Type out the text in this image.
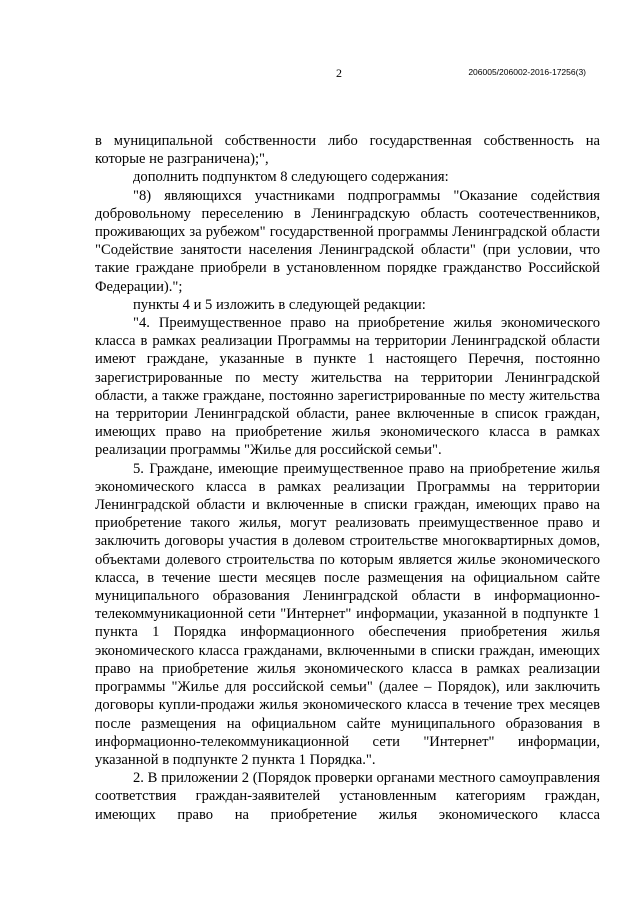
2	206005/206002-2016-17256(3)

в муниципальной собственности либо государственная собственность на которые не разграничена);",

дополнить подпунктом 8 следующего содержания:

"8) являющихся участниками подпрограммы "Оказание содействия добровольному переселению в Ленинградскую область соотечественников, проживающих за рубежом" государственной программы Ленинградской области "Содействие занятости населения Ленинградской области" (при условии, что такие граждане приобрели в установленном порядке гражданство Российской Федерации).";

пункты 4 и 5 изложить в следующей редакции:

"4. Преимущественное право на приобретение жилья экономического класса в рамках реализации Программы на территории Ленинградской области имеют граждане, указанные в пункте 1 настоящего Перечня, постоянно зарегистрированные по месту жительства на территории Ленинградской области, а также граждане, постоянно зарегистрированные по месту жительства на территории Ленинградской области, ранее включенные в список граждан, имеющих право на приобретение жилья экономического класса в рамках реализации программы "Жилье для российской семьи".

5. Граждане, имеющие преимущественное право на приобретение жилья экономического класса в рамках реализации Программы на территории Ленинградской области и включенные в списки граждан, имеющих право на приобретение такого жилья, могут реализовать преимущественное право и заключить договоры участия в долевом строительстве многоквартирных домов, объектами долевого строительства по которым является жилье экономического класса, в течение шести месяцев после размещения на официальном сайте муниципального образования Ленинградской области в информационно-телекоммуникационной сети "Интернет" информации, указанной в подпункте 1 пункта 1 Порядка информационного обеспечения приобретения жилья экономического класса гражданами, включенными в списки граждан, имеющих право на приобретение жилья экономического класса в рамках реализации программы "Жилье для российской семьи" (далее – Порядок), или заключить договоры купли-продажи жилья экономического класса в течение трех месяцев после размещения на официальном сайте муниципального образования в информационно-телекоммуникационной сети "Интернет" информации, указанной в подпункте 2 пункта 1 Порядка.".

2. В приложении 2 (Порядок проверки органами местного самоуправления соответствия граждан-заявителей установленным категориям граждан, имеющих право на приобретение жилья экономического класса
